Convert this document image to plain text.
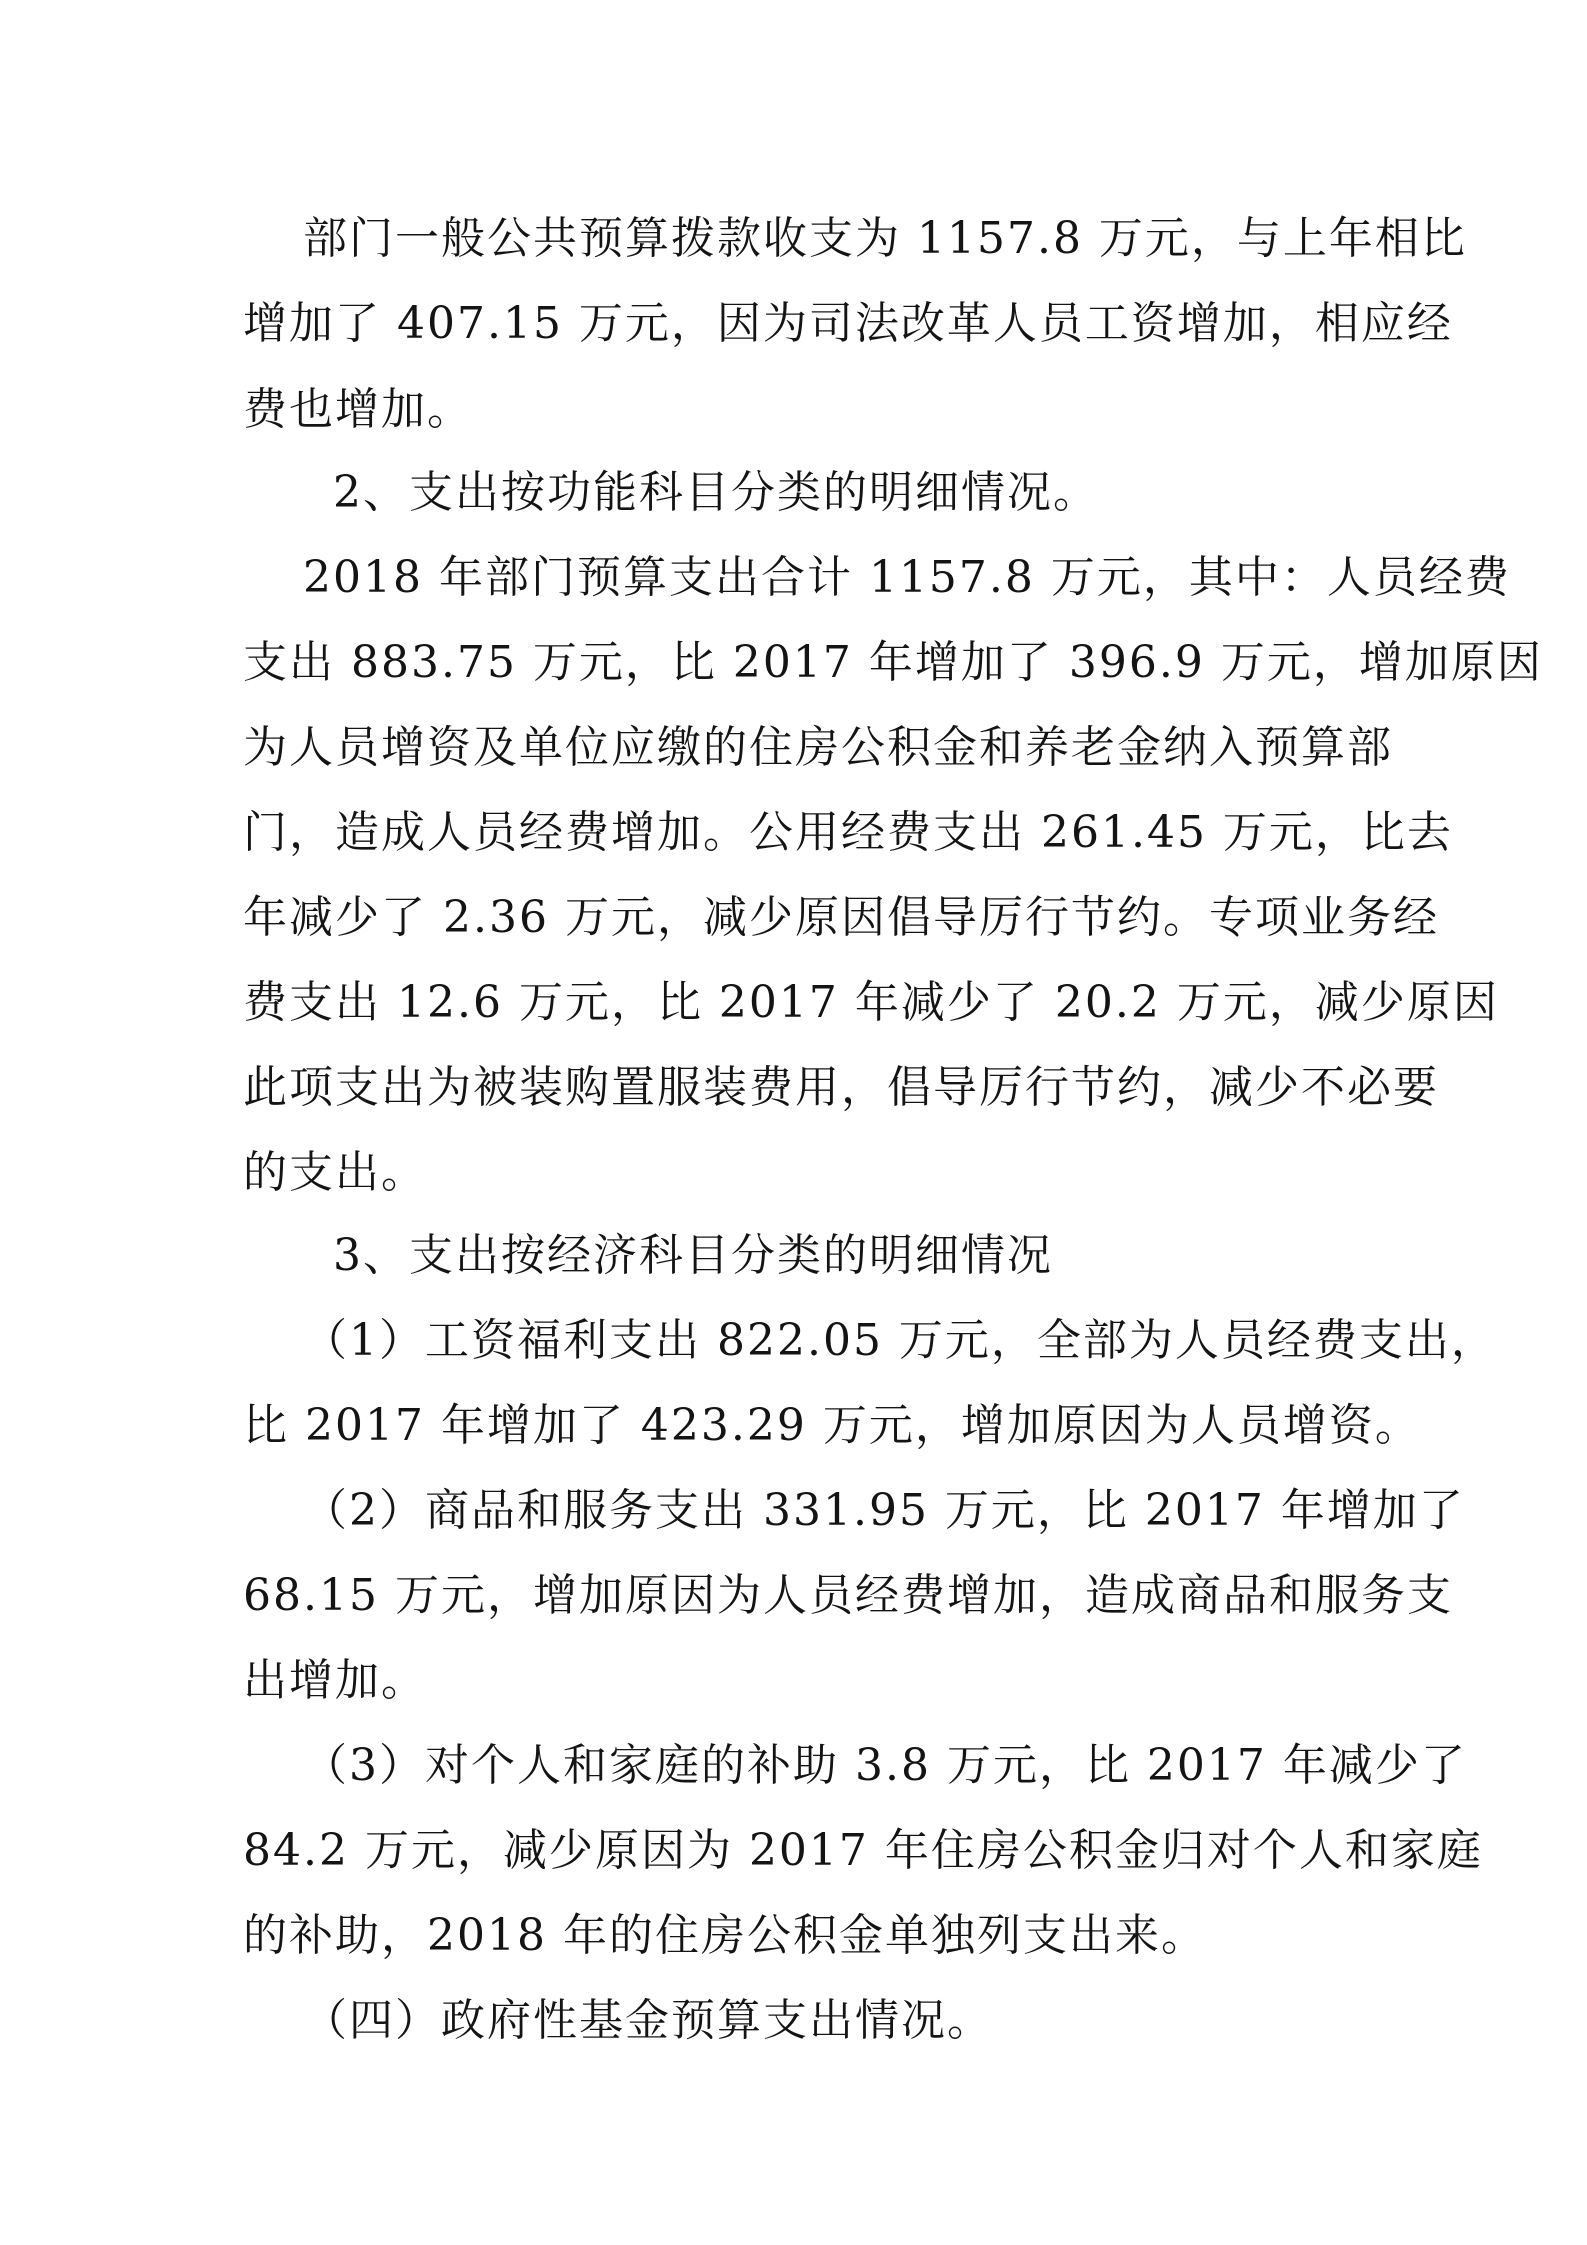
部门一般公共预算拨款收支为 1157.8 万元，与上年相比
增加了 407.15 万元，因为司法改革人员工资增加，相应经
费也增加。
2、支出按功能科目分类的明细情况。
2018 年部门预算支出合计 1157.8 万元，其中：人员经费
支出 883.75 万元，比 2017 年增加了 396.9 万元，增加原因
为人员增资及单位应缴的住房公积金和养老金纳入预算部
门，造成人员经费增加。公用经费支出 261.45 万元，比去
年减少了 2.36 万元，减少原因倡导厉行节约。专项业务经
费支出 12.6 万元，比 2017 年减少了 20.2 万元，减少原因
此项支出为被装购置服装费用，倡导厉行节约，减少不必要
的支出。
3、支出按经济科目分类的明细情况
（1）工资福利支出 822.05 万元，全部为人员经费支出，
比 2017 年增加了 423.29 万元，增加原因为人员增资。
（2）商品和服务支出 331.95 万元，比 2017 年增加了
68.15 万元，增加原因为人员经费增加，造成商品和服务支
出增加。
（3）对个人和家庭的补助 3.8 万元，比 2017 年减少了
84.2 万元，减少原因为 2017 年住房公积金归对个人和家庭
的补助，2018 年的住房公积金单独列支出来。
（四）政府性基金预算支出情况。
